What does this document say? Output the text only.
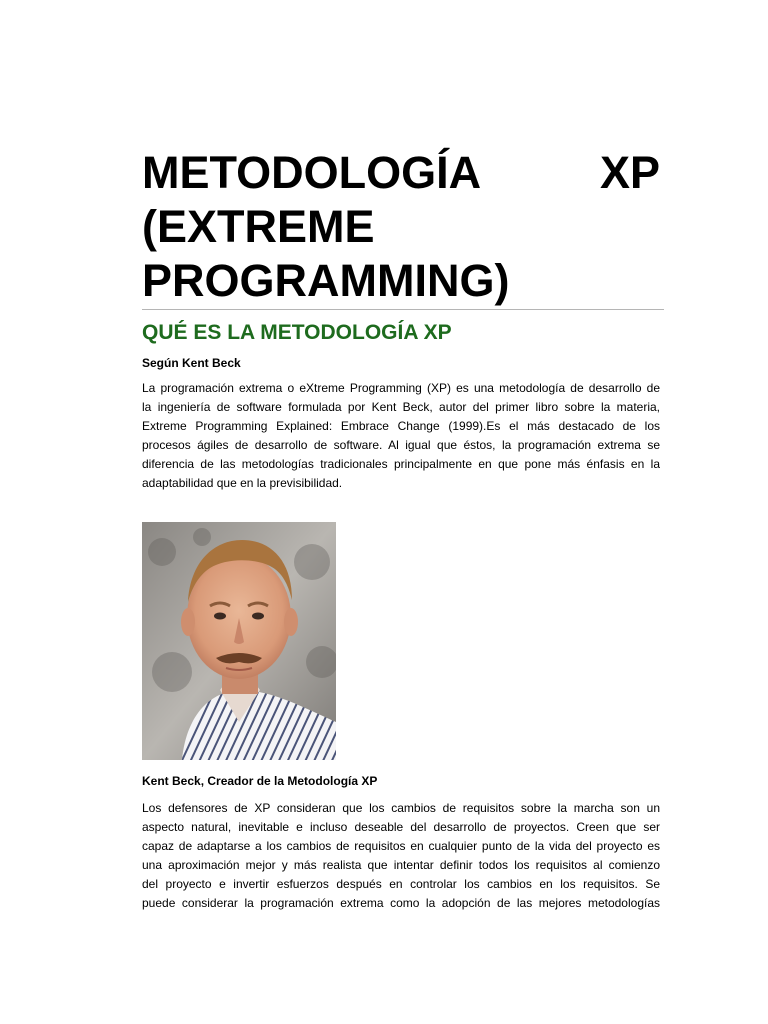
METODOLOGÍA	XP
(EXTREME
PROGRAMMING)
QUÉ ES LA METODOLOGÍA XP

Según Kent Beck

La programación extrema o eXtreme Programming (XP) es una metodología de desarrollo de
la ingeniería de software formulada por Kent Beck, autor del primer libro sobre la materia,
Extreme Programming Explained: Embrace Change (1999).Es el más destacado de los
procesos ágiles de desarrollo de software. Al igual que éstos, la programación extrema se
diferencia de las metodologías tradicionales principalmente en que pone más énfasis en la
adaptabilidad que en la previsibilidad.

Kent Beck, Creador de la Metodología XP

Los defensores de XP consideran que los cambios de requisitos sobre la marcha son un
aspecto natural, inevitable e incluso deseable del desarrollo de proyectos. Creen que ser
capaz de adaptarse a los cambios de requisitos en cualquier punto de la vida del proyecto es
una aproximación mejor y más realista que intentar definir todos los requisitos al comienzo
del proyecto e invertir esfuerzos después en controlar los cambios en los requisitos. Se
puede considerar la programación extrema como la adopción de las mejores metodologías
